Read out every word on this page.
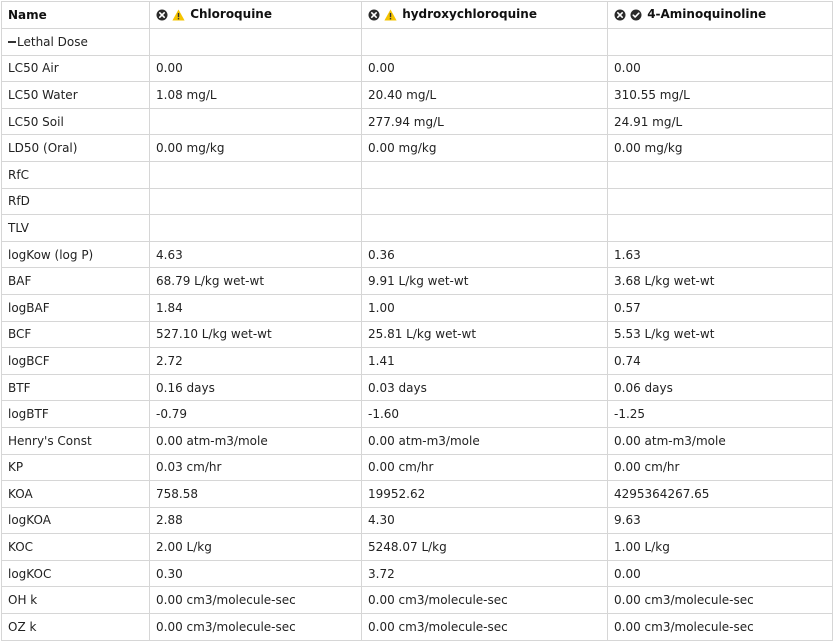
Name	Chloroquine	hydroxychloroquine	4-Aminoquinoline
Lethal Dose			
LC50 Air	0.00	0.00	0.00
LC50 Water	1.08 mg/L	20.40 mg/L	310.55 mg/L
LC50 Soil		277.94 mg/L	24.91 mg/L
LD50 (Oral)	0.00 mg/kg	0.00 mg/kg	0.00 mg/kg
RfC			
RfD			
TLV			
logKow (log P)	4.63	0.36	1.63
BAF	68.79 L/kg wet-wt	9.91 L/kg wet-wt	3.68 L/kg wet-wt
logBAF	1.84	1.00	0.57
BCF	527.10 L/kg wet-wt	25.81 L/kg wet-wt	5.53 L/kg wet-wt
logBCF	2.72	1.41	0.74
BTF	0.16 days	0.03 days	0.06 days
logBTF	-0.79	-1.60	-1.25
Henry's Const	0.00 atm-m3/mole	0.00 atm-m3/mole	0.00 atm-m3/mole
KP	0.03 cm/hr	0.00 cm/hr	0.00 cm/hr
KOA	758.58	19952.62	4295364267.65
logKOA	2.88	4.30	9.63
KOC	2.00 L/kg	5248.07 L/kg	1.00 L/kg
logKOC	0.30	3.72	0.00
OH k	0.00 cm3/molecule-sec	0.00 cm3/molecule-sec	0.00 cm3/molecule-sec
OZ k	0.00 cm3/molecule-sec	0.00 cm3/molecule-sec	0.00 cm3/molecule-sec
